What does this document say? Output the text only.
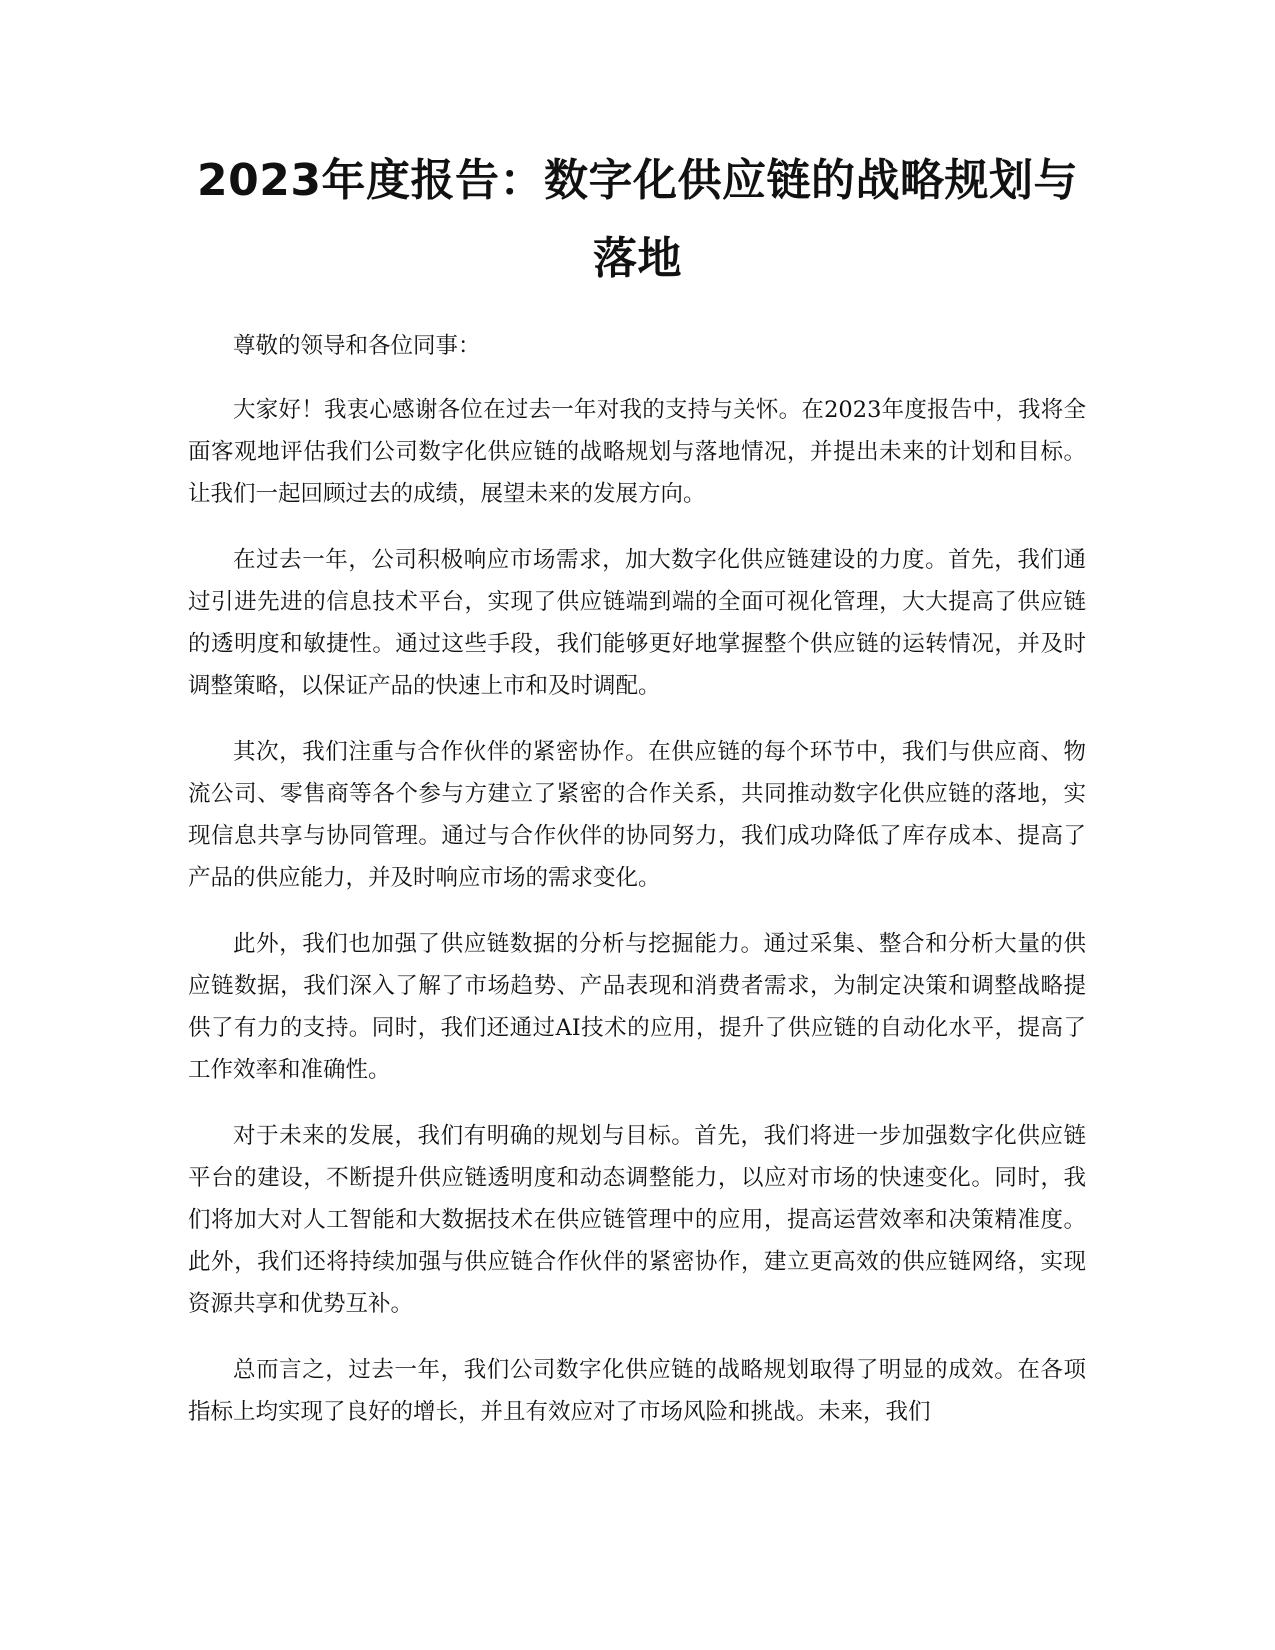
2023年度报告：数字化供应链的战略规划与落地

尊敬的领导和各位同事：

大家好！我衷心感谢各位在过去一年对我的支持与关怀。在2023年度报告中，我将全面客观地评估我们公司数字化供应链的战略规划与落地情况，并提出未来的计划和目标。让我们一起回顾过去的成绩，展望未来的发展方向。

在过去一年，公司积极响应市场需求，加大数字化供应链建设的力度。首先，我们通过引进先进的信息技术平台，实现了供应链端到端的全面可视化管理，大大提高了供应链的透明度和敏捷性。通过这些手段，我们能够更好地掌握整个供应链的运转情况，并及时调整策略，以保证产品的快速上市和及时调配。

其次，我们注重与合作伙伴的紧密协作。在供应链的每个环节中，我们与供应商、物流公司、零售商等各个参与方建立了紧密的合作关系，共同推动数字化供应链的落地，实现信息共享与协同管理。通过与合作伙伴的协同努力，我们成功降低了库存成本、提高了产品的供应能力，并及时响应市场的需求变化。

此外，我们也加强了供应链数据的分析与挖掘能力。通过采集、整合和分析大量的供应链数据，我们深入了解了市场趋势、产品表现和消费者需求，为制定决策和调整战略提供了有力的支持。同时，我们还通过AI技术的应用，提升了供应链的自动化水平，提高了工作效率和准确性。

对于未来的发展，我们有明确的规划与目标。首先，我们将进一步加强数字化供应链平台的建设，不断提升供应链透明度和动态调整能力，以应对市场的快速变化。同时，我们将加大对人工智能和大数据技术在供应链管理中的应用，提高运营效率和决策精准度。此外，我们还将持续加强与供应链合作伙伴的紧密协作，建立更高效的供应链网络，实现资源共享和优势互补。

总而言之，过去一年，我们公司数字化供应链的战略规划取得了明显的成效。在各项指标上均实现了良好的增长，并且有效应对了市场风险和挑战。未来，我们
